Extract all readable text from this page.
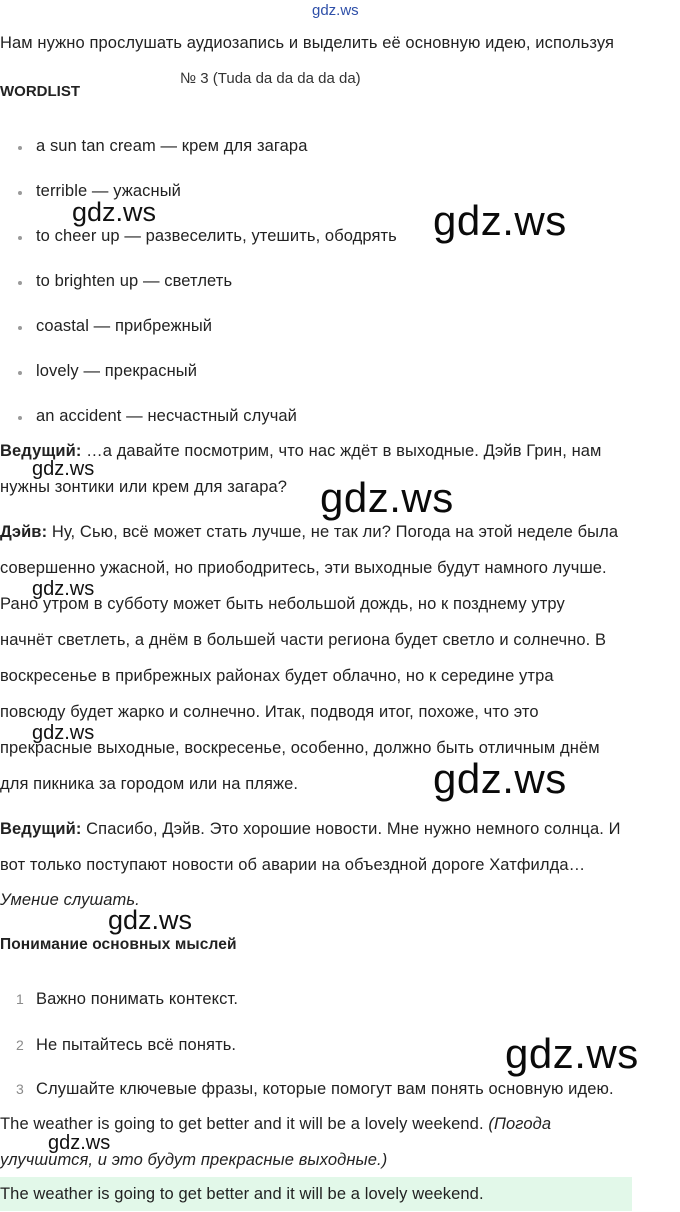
gdz.ws
Нам нужно прослушать аудиозапись и выделить её основную идею, используя
№ 3 (Tuda da da da da da)
WORDLIST
a sun tan cream — крем для загара
terrible — ужасный
to cheer up — развеселить, утешить, ободрять
to brighten up — светлеть
coastal — прибрежный
lovely — прекрасный
an accident — несчастный случай
Ведущий: …а давайте посмотрим, что нас ждёт в выходные. Дэйв Грин, нам
нужны зонтики или крем для загара?
Дэйв: Ну, Сью, всё может стать лучше, не так ли? Погода на этой неделе была
совершенно ужасной, но приободритесь, эти выходные будут намного лучше.
Рано утром в субботу может быть небольшой дождь, но к позднему утру
начнёт светлеть, а днём в большей части региона будет светло и солнечно. В
воскресенье в прибрежных районах будет облачно, но к середине утра
повсюду будет жарко и солнечно. Итак, подводя итог, похоже, что это
прекрасные выходные, воскресенье, особенно, должно быть отличным днём
для пикника за городом или на пляже.
Ведущий: Спасибо, Дэйв. Это хорошие новости. Мне нужно немного солнца. И
вот только поступают новости об аварии на объездной дороге Хатфилда…
Умение слушать.
Понимание основных мыслей
1 Важно понимать контекст.
2 Не пытайтесь всё понять.
3 Слушайте ключевые фразы, которые помогут вам понять основную идею.
The weather is going to get better and it will be a lovely weekend. (Погода
улучшится, и это будут прекрасные выходные.)
The weather is going to get better and it will be a lovely weekend.
gdz.ws	gdz.ws
gdz.ws
gdz.ws
gdz.ws
gdz.ws
gdz.ws
gdz.ws
gdz.ws
gdz.ws
